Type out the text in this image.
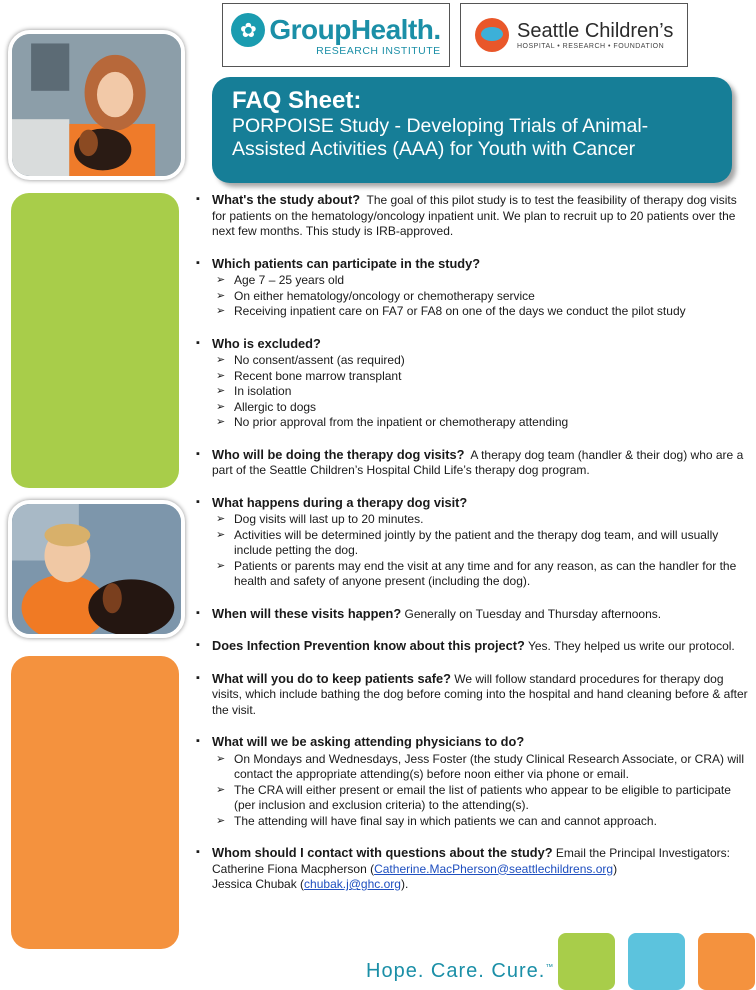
✿ GroupHealth .
RESEARCH INSTITUTE
Seattle Children’s
HOSPITAL • RESEARCH • FOUNDATION
FAQ Sheet:
PORPOISE Study - Developing Trials of Animal-
Assisted Activities (AAA) for Youth with Cancer
▪ What's the study about? The goal of this pilot study is to test the feasibility of therapy dog visits for patients on the hematology/oncology inpatient unit. We plan to recruit up to 20 patients over the next few months. This study is IRB-approved.
▪ Which patients can participate in the study?
➢ Age 7 – 25 years old
➢ On either hematology/oncology or chemotherapy service
➢ Receiving inpatient care on FA7 or FA8 on one of the days we conduct the pilot study
▪ Who is excluded?
➢ No consent/assent (as required)
➢ Recent bone marrow transplant
➢ In isolation
➢ Allergic to dogs
➢ No prior approval from the inpatient or chemotherapy attending
▪ Who will be doing the therapy dog visits? A therapy dog team (handler & their dog) who are a part of the Seattle Children’s Hospital Child Life’s therapy dog program.
▪ What happens during a therapy dog visit?
➢ Dog visits will last up to 20 minutes.
➢ Activities will be determined jointly by the patient and the therapy dog team, and will usually include petting the dog.
➢ Patients or parents may end the visit at any time and for any reason, as can the handler for the health and safety of anyone present (including the dog).
▪ When will these visits happen? Generally on Tuesday and Thursday afternoons.
▪ Does Infection Prevention know about this project? Yes. They helped us write our protocol.
▪ What will you do to keep patients safe? We will follow standard procedures for therapy dog visits, which include bathing the dog before coming into the hospital and hand cleaning before & after the visit.
▪ What will we be asking attending physicians to do?
➢ On Mondays and Wednesdays, Jess Foster (the study Clinical Research Associate, or CRA) will contact the appropriate attending(s) before noon either via phone or email.
➢ The CRA will either present or email the list of patients who appear to be eligible to participate (per inclusion and exclusion criteria) to the attending(s).
➢ The attending will have final say in which patients we can and cannot approach.
▪ Whom should I contact with questions about the study? Email the Principal Investigators:
Catherine Fiona Macpherson (Catherine.MacPherson@seattlechildrens.org)
Jessica Chubak (chubak.j@ghc.org).
Hope. Care. Cure.™
